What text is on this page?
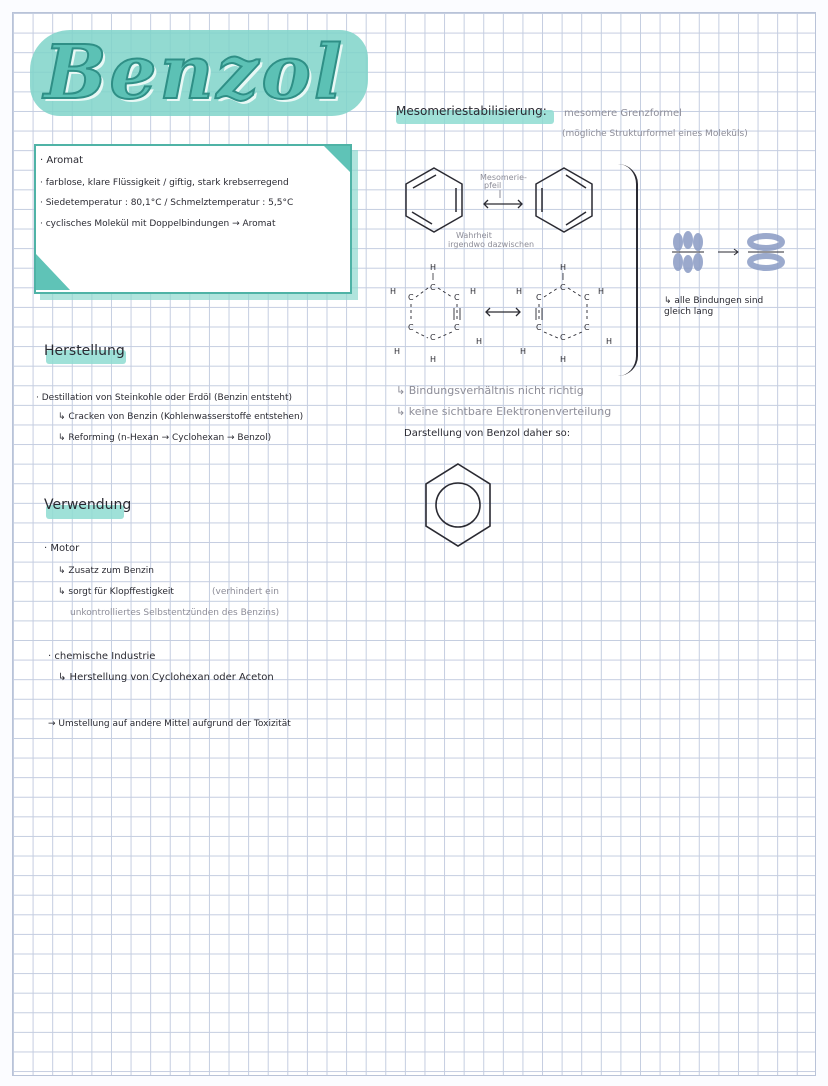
Benzol
· Aromat
· farblose, klare Flüssigkeit / giftig, stark krebserregend
· Siedetemperatur : 80,1°C / Schmelztemperatur : 5,5°C
· cyclisches Molekül mit Doppelbindungen → Aromat
Herstellung
· Destillation von Steinkohle oder Erdöl (Benzin entsteht)
↳ Cracken von Benzin (Kohlenwasserstoffe entstehen)
↳ Reforming (n-Hexan → Cyclohexan → Benzol)
Verwendung
· Motor
↳ Zusatz zum Benzin
↳ sorgt für Klopffestigkeit	(verhindert ein
unkontrolliertes Selbstentzünden des Benzins)
· chemische Industrie
↳ Herstellung von Cyclohexan oder Aceton
→ Umstellung auf andere Mittel aufgrund der Toxizität
Mesomeriestabilisierung: mesomere Grenzformel
(mögliche Strukturformel eines Moleküls)
Mesomerie-pfeil
Wahrheit irgendwo dazwischen
H
C
H
C	C
H
C	C
H
H
C
H
H
C
H
C	C
H
C	C
H
H
C
H
↳ alle Bindungen sind
gleich lang
↳ Bindungsverhältnis nicht richtig
↳ keine sichtbare Elektronenverteilung
Darstellung von Benzol daher so:
